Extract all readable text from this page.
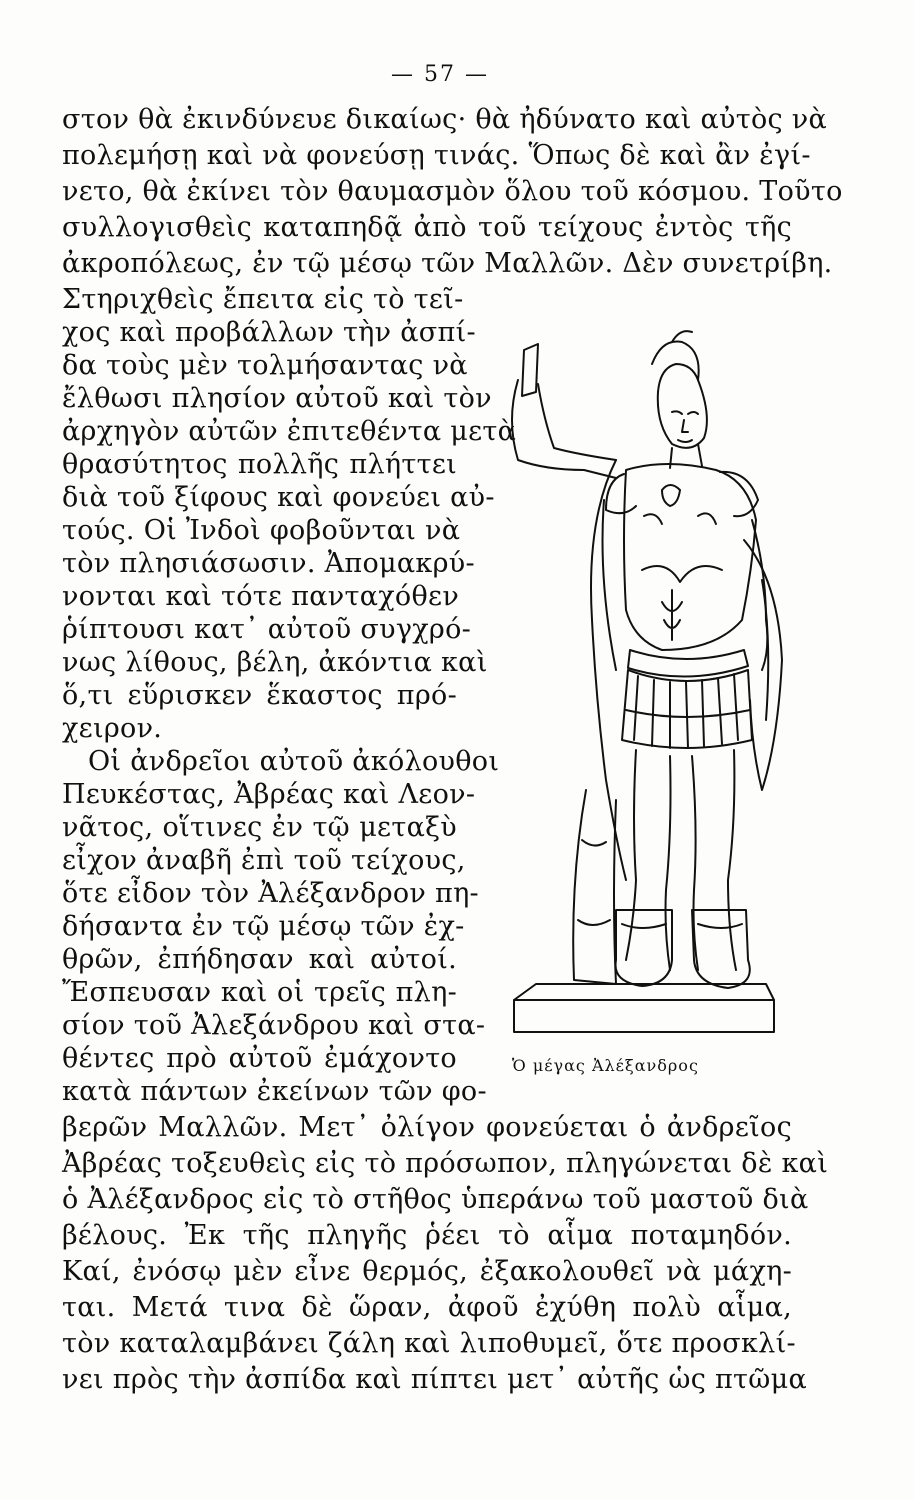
— 57 —
στον θὰ ἐκινδύνευε δικαίως· θὰ ἠδύνατο καὶ αὐτὸς νὰ
πολεμήσῃ καὶ νὰ φονεύσῃ τινάς. Ὅπως δὲ καὶ ἂν ἐγί-
νετο, θὰ ἐκίνει τὸν θαυμασμὸν ὅλου τοῦ κόσμου. Τοῦτο
συλλογισθεὶς καταπηδᾷ ἀπὸ τοῦ τείχους ἐντὸς τῆς
ἀκροπόλεως, ἐν τῷ μέσῳ τῶν Μαλλῶν. Δὲν συνετρίβη.
Στηριχθεὶς ἔπειτα εἰς τὸ τεῖ-
χος καὶ προβάλλων τὴν ἀσπί-
δα τοὺς μὲν τολμήσαντας νὰ
ἔλθωσι πλησίον αὐτοῦ καὶ τὸν
ἀρχηγὸν αὐτῶν ἐπιτεθέντα μετὰ
θρασύτητος πολλῆς πλήττει
διὰ τοῦ ξίφους καὶ φονεύει αὐ-
τούς. Οἱ Ἰνδοὶ φοβοῦνται νὰ
τὸν πλησιάσωσιν. Ἀπομακρύ-
νονται καὶ τότε πανταχόθεν
ῥίπτουσι κατ᾽ αὐτοῦ συγχρό-
νως λίθους, βέλη, ἀκόντια καὶ
ὅ,τι εὕρισκεν ἕκαστος πρό-
χειρον.
Οἱ ἀνδρεῖοι αὐτοῦ ἀκόλουθοι
Πευκέστας, Ἀβρέας καὶ Λεον-
νᾶτος, οἵτινες ἐν τῷ μεταξὺ
εἶχον ἀναβῆ ἐπὶ τοῦ τείχους,
ὅτε εἶδον τὸν Ἀλέξανδρον πη-
δήσαντα ἐν τῷ μέσῳ τῶν ἐχ-
θρῶν, ἐπήδησαν καὶ αὐτοί.
Ἔσπευσαν καὶ οἱ τρεῖς πλη-
σίον τοῦ Ἀλεξάνδρου καὶ στα-
θέντες πρὸ αὐτοῦ ἐμάχοντο
κατὰ πάντων ἐκείνων τῶν φο-
βερῶν Μαλλῶν. Μετ᾽ ὀλίγον φονεύεται ὁ ἀνδρεῖος
Ἀβρέας τοξευθεὶς εἰς τὸ πρόσωπον, πληγώνεται δὲ καὶ
ὁ Ἀλέξανδρος εἰς τὸ στῆθος ὑπεράνω τοῦ μαστοῦ διὰ
βέλους. Ἐκ τῆς πληγῆς ῥέει τὸ αἷμα ποταμηδόν.
Καί, ἐνόσῳ μὲν εἶνε θερμός, ἐξακολουθεῖ νὰ μάχη-
ται. Μετά τινα δὲ ὥραν, ἀφοῦ ἐχύθη πολὺ αἷμα,
τὸν καταλαμβάνει ζάλη καὶ λιποθυμεῖ, ὅτε προσκλί-
νει πρὸς τὴν ἀσπίδα καὶ πίπτει μετ᾽ αὐτῆς ὡς πτῶμα
Ὁ μέγας Ἀλέξανδρος
